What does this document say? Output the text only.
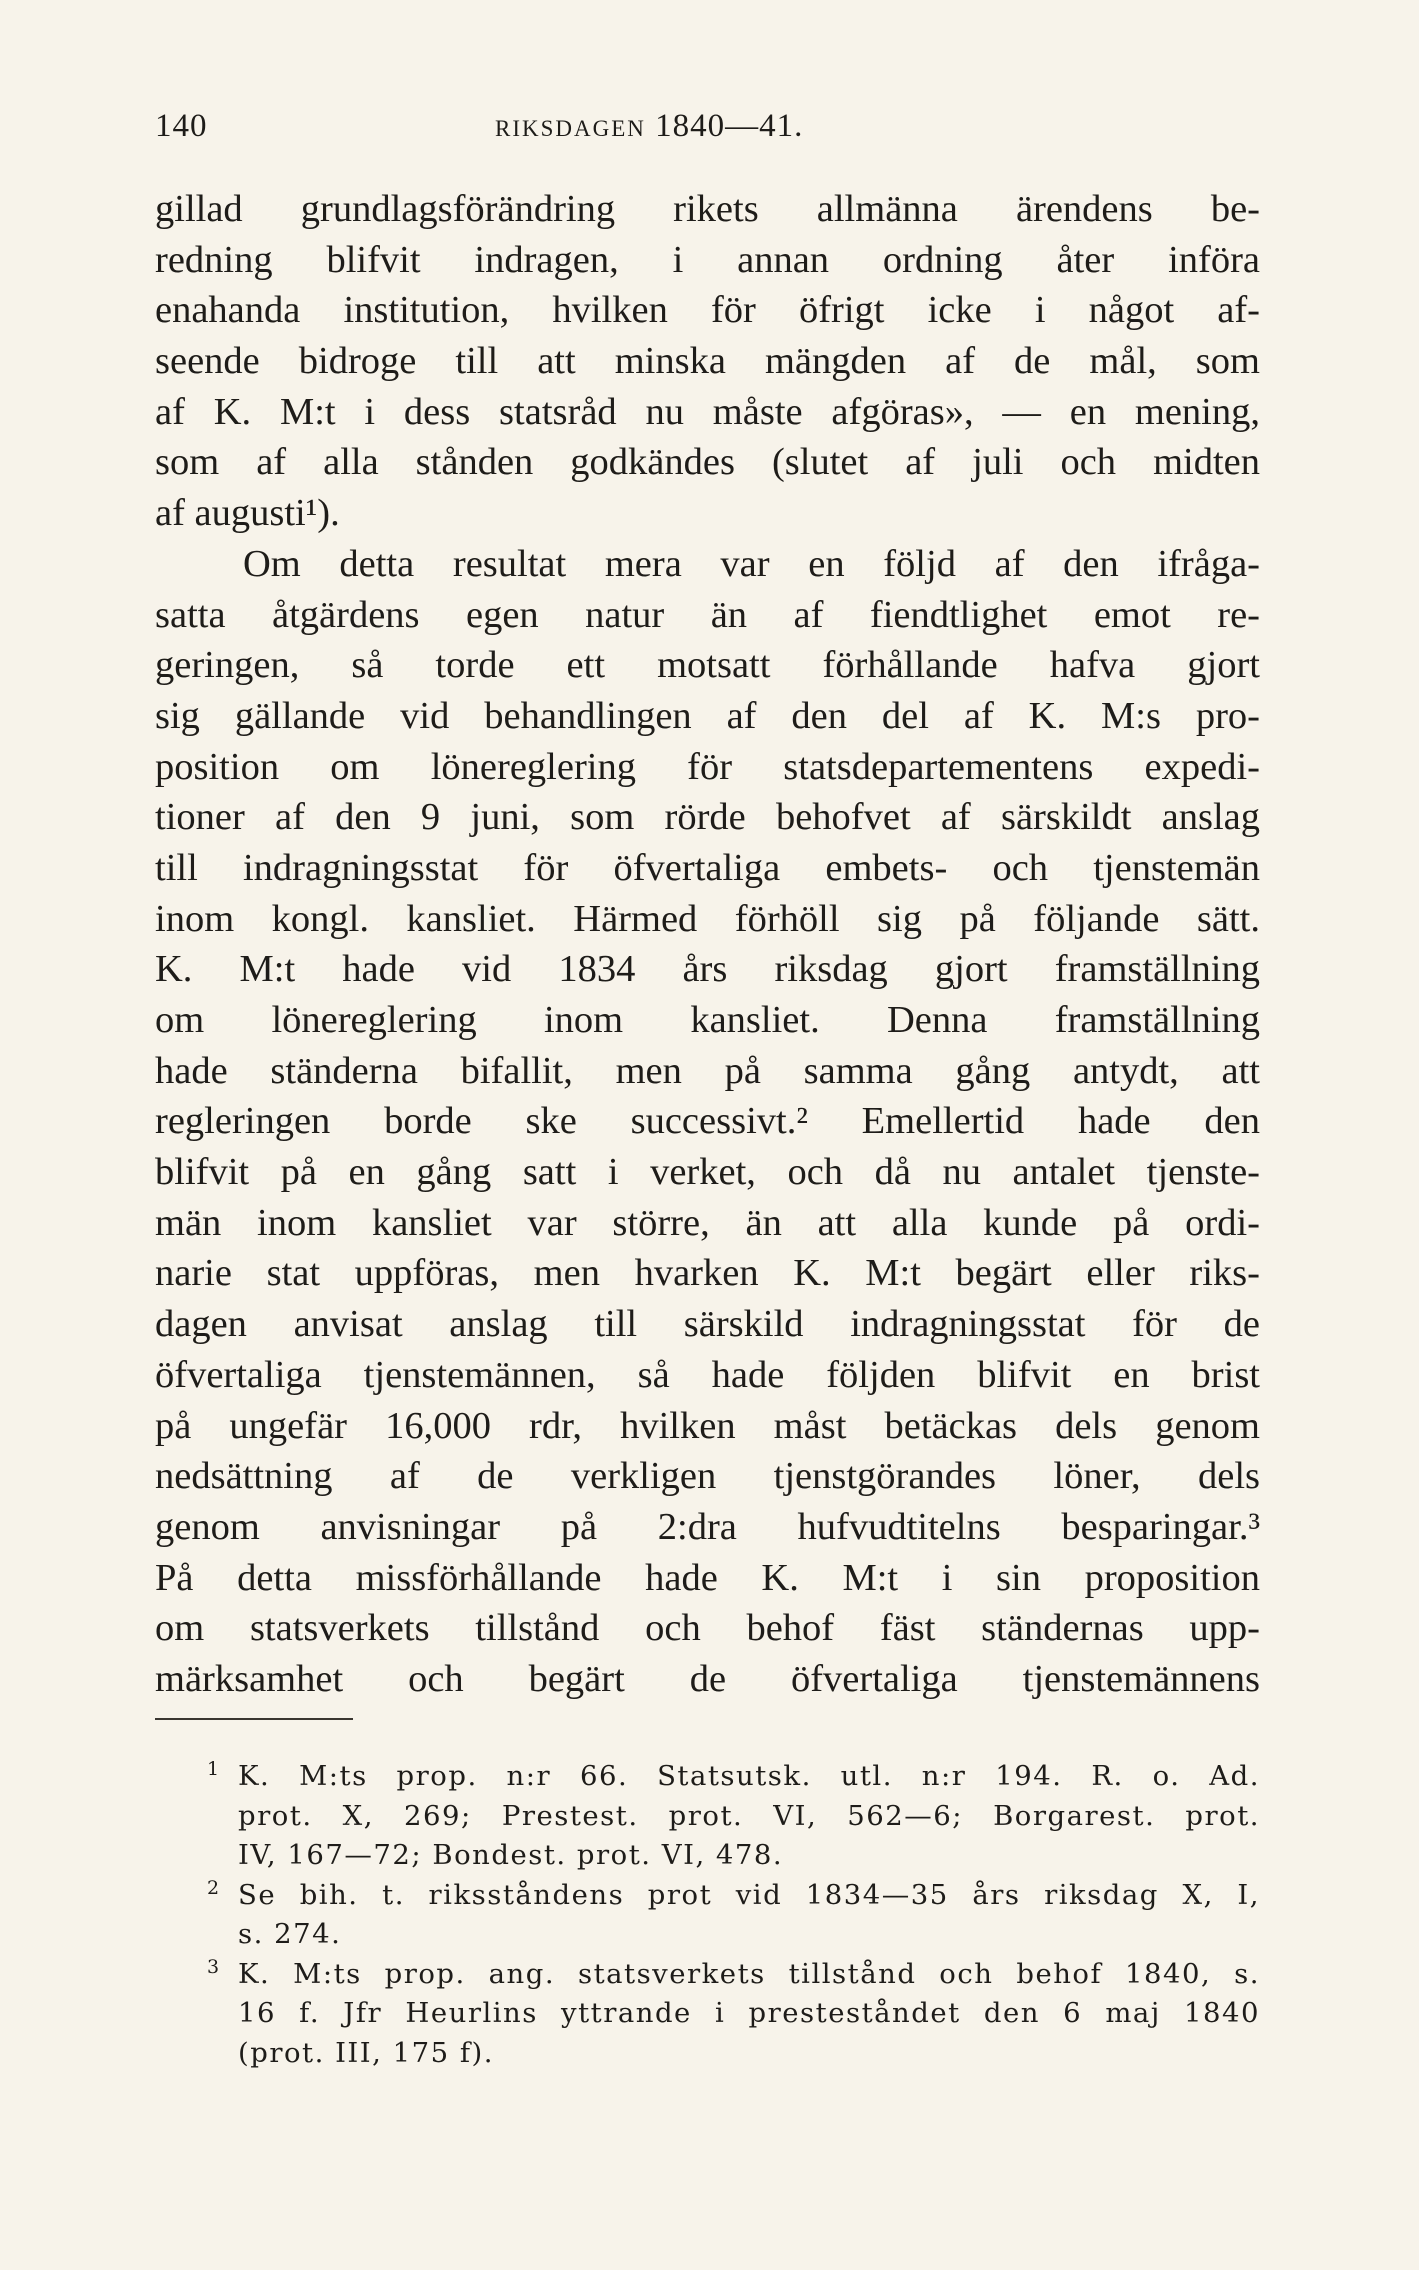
140	RIKSDAGEN 1840—41.
gillad grundlagsförändring rikets allmänna ärendens be-
redning blifvit indragen, i annan ordning åter införa
enahanda institution, hvilken för öfrigt icke i något af-
seende bidroge till att minska mängden af de mål, som
af K. M:t i dess statsråd nu måste afgöras», — en mening,
som af alla stånden godkändes (slutet af juli och midten
af augusti¹).
Om detta resultat mera var en följd af den ifråga-
satta åtgärdens egen natur än af fiendtlighet emot re-
geringen, så torde ett motsatt förhållande hafva gjort
sig gällande vid behandlingen af den del af K. M:s pro-
position om lönereglering för statsdepartementens expedi-
tioner af den 9 juni, som rörde behofvet af särskildt anslag
till indragningsstat för öfvertaliga embets- och tjenstemän
inom kongl. kansliet. Härmed förhöll sig på följande sätt.
K. M:t hade vid 1834 års riksdag gjort framställning
om lönereglering inom kansliet. Denna framställning
hade ständerna bifallit, men på samma gång antydt, att
regleringen borde ske successivt.² Emellertid hade den
blifvit på en gång satt i verket, och då nu antalet tjenste-
män inom kansliet var större, än att alla kunde på ordi-
narie stat uppföras, men hvarken K. M:t begärt eller riks-
dagen anvisat anslag till särskild indragningsstat för de
öfvertaliga tjenstemännen, så hade följden blifvit en brist
på ungefär 16,000 rdr, hvilken måst betäckas dels genom
nedsättning af de verkligen tjenstgörandes löner, dels
genom anvisningar på 2:dra hufvudtitelns besparingar.³
På detta missförhållande hade K. M:t i sin proposition
om statsverkets tillstånd och behof fäst ständernas upp-
märksamhet och begärt de öfvertaliga tjenstemännens
1 K. M:ts prop. n:r 66. Statsutsk. utl. n:r 194. R. o. Ad.
prot. X, 269; Prestest. prot. VI, 562—6; Borgarest. prot.
IV, 167—72; Bondest. prot. VI, 478.
2 Se bih. t. riksståndens prot vid 1834—35 års riksdag X, I,
s. 274.
3 K. M:ts prop. ang. statsverkets tillstånd och behof 1840, s.
16 f. Jfr Heurlins yttrande i presteståndet den 6 maj 1840
(prot. III, 175 f).
